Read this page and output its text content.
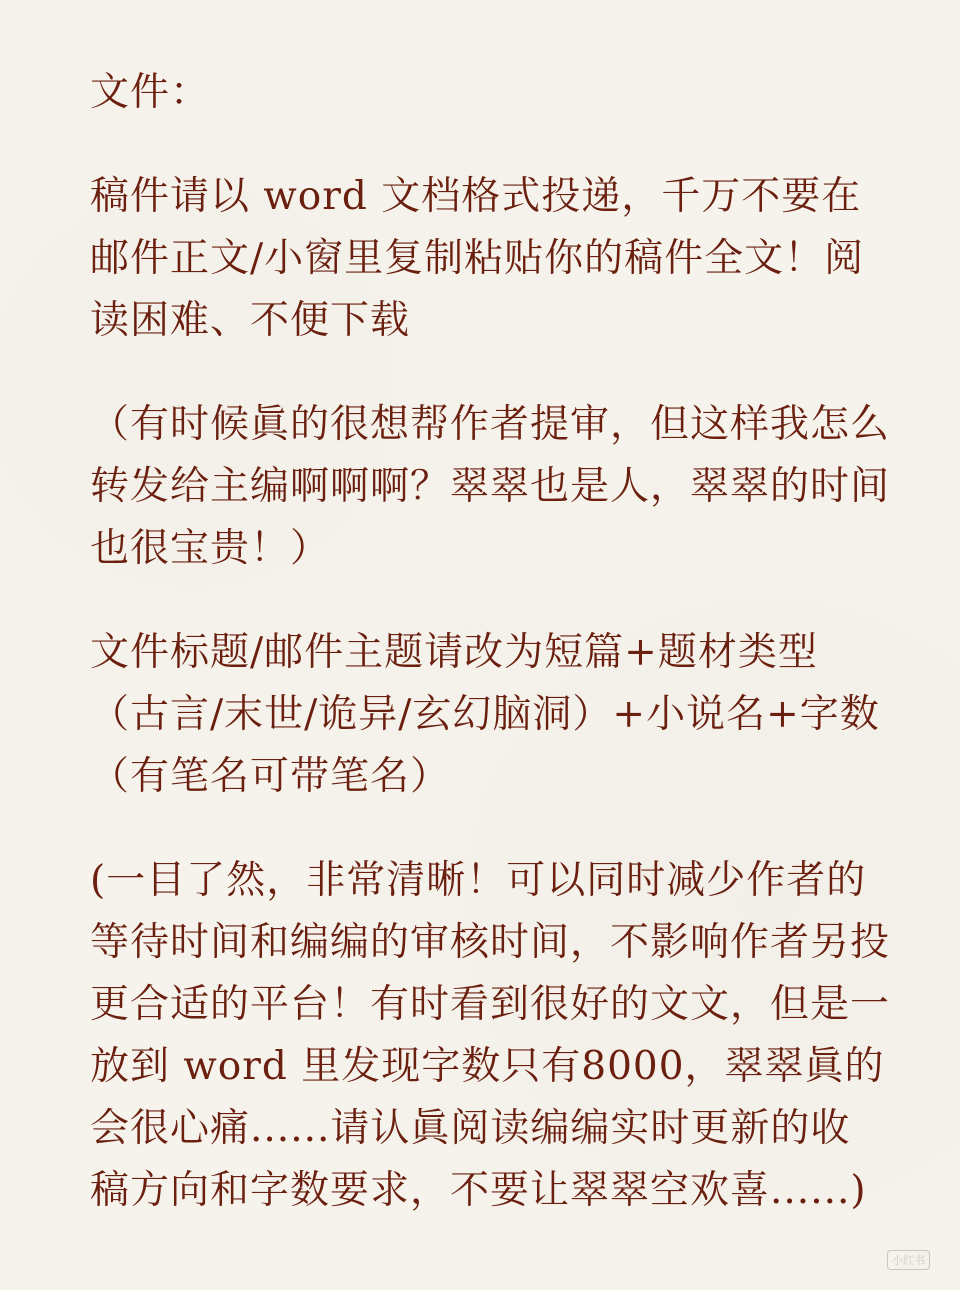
文件：

稿件请以 word 文档格式投递，千万不要在邮件正文/小窗里复制粘贴你的稿件全文！阅读困难、不便下载

（有时候眞的很想帮作者提审，但这样我怎么转发给主编啊啊啊？翠翠也是人，翠翠的时间也很宝贵！）

文件标题/邮件主题请改为短篇+题材类型（古言/末世/诡异/玄幻脑洞）+小说名+字数（有笔名可带笔名）

(一目了然，非常清晰！可以同时减少作者的等待时间和编编的审核时间，不影响作者另投更合适的平台！有时看到很好的文文，但是一放到 word 里发现字数只有8000，翠翠眞的会很心痛......请认眞阅读编编实时更新的收稿方向和字数要求，不要让翠翠空欢喜......)

小红书
